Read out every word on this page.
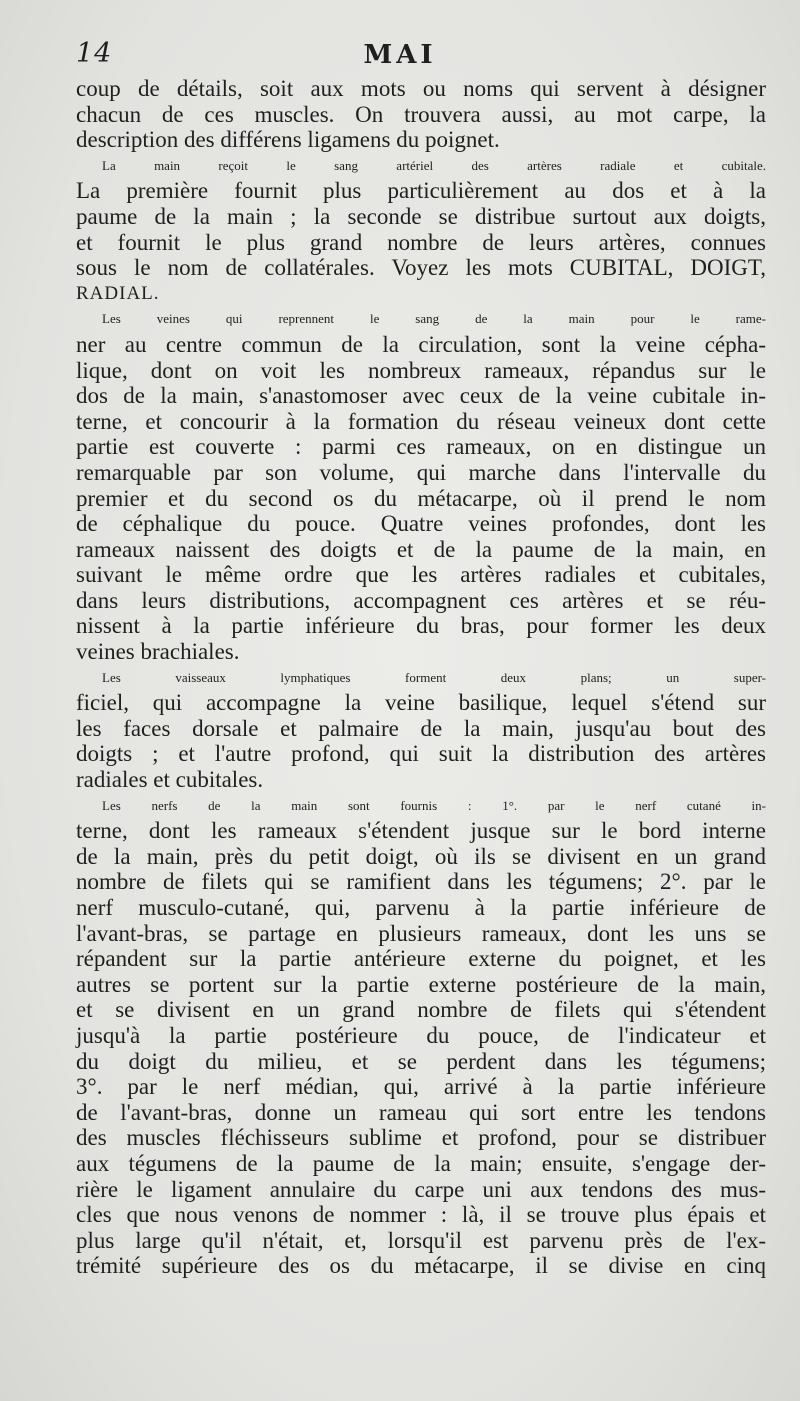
14	MAI
coup de détails, soit aux mots ou noms qui servent à désigner
chacun de ces muscles. On trouvera aussi, au mot carpe, la
description des différens ligamens du poignet.
La main reçoit le sang artériel des artères radiale et cubitale.
La première fournit plus particulièrement au dos et à la
paume de la main ; la seconde se distribue surtout aux doigts,
et fournit le plus grand nombre de leurs artères, connues
sous le nom de collatérales. Voyez les mots CUBITAL, DOIGT,
RADIAL.
Les veines qui reprennent le sang de la main pour le rame-
ner au centre commun de la circulation, sont la veine cépha-
lique, dont on voit les nombreux rameaux, répandus sur le
dos de la main, s'anastomoser avec ceux de la veine cubitale in-
terne, et concourir à la formation du réseau veineux dont cette
partie est couverte : parmi ces rameaux, on en distingue un
remarquable par son volume, qui marche dans l'intervalle du
premier et du second os du métacarpe, où il prend le nom
de céphalique du pouce. Quatre veines profondes, dont les
rameaux naissent des doigts et de la paume de la main, en
suivant le même ordre que les artères radiales et cubitales,
dans leurs distributions, accompagnent ces artères et se réu-
nissent à la partie inférieure du bras, pour former les deux
veines brachiales.
Les vaisseaux lymphatiques forment deux plans; un super-
ficiel, qui accompagne la veine basilique, lequel s'étend sur
les faces dorsale et palmaire de la main, jusqu'au bout des
doigts ; et l'autre profond, qui suit la distribution des artères
radiales et cubitales.
Les nerfs de la main sont fournis : 1°. par le nerf cutané in-
terne, dont les rameaux s'étendent jusque sur le bord interne
de la main, près du petit doigt, où ils se divisent en un grand
nombre de filets qui se ramifient dans les tégumens; 2°. par le
nerf musculo-cutané, qui, parvenu à la partie inférieure de
l'avant-bras, se partage en plusieurs rameaux, dont les uns se
répandent sur la partie antérieure externe du poignet, et les
autres se portent sur la partie externe postérieure de la main,
et se divisent en un grand nombre de filets qui s'étendent
jusqu'à la partie postérieure du pouce, de l'indicateur et
du doigt du milieu, et se perdent dans les tégumens;
3°. par le nerf médian, qui, arrivé à la partie inférieure
de l'avant-bras, donne un rameau qui sort entre les tendons
des muscles fléchisseurs sublime et profond, pour se distribuer
aux tégumens de la paume de la main; ensuite, s'engage der-
rière le ligament annulaire du carpe uni aux tendons des mus-
cles que nous venons de nommer : là, il se trouve plus épais et
plus large qu'il n'était, et, lorsqu'il est parvenu près de l'ex-
trémité supérieure des os du métacarpe, il se divise en cinq
